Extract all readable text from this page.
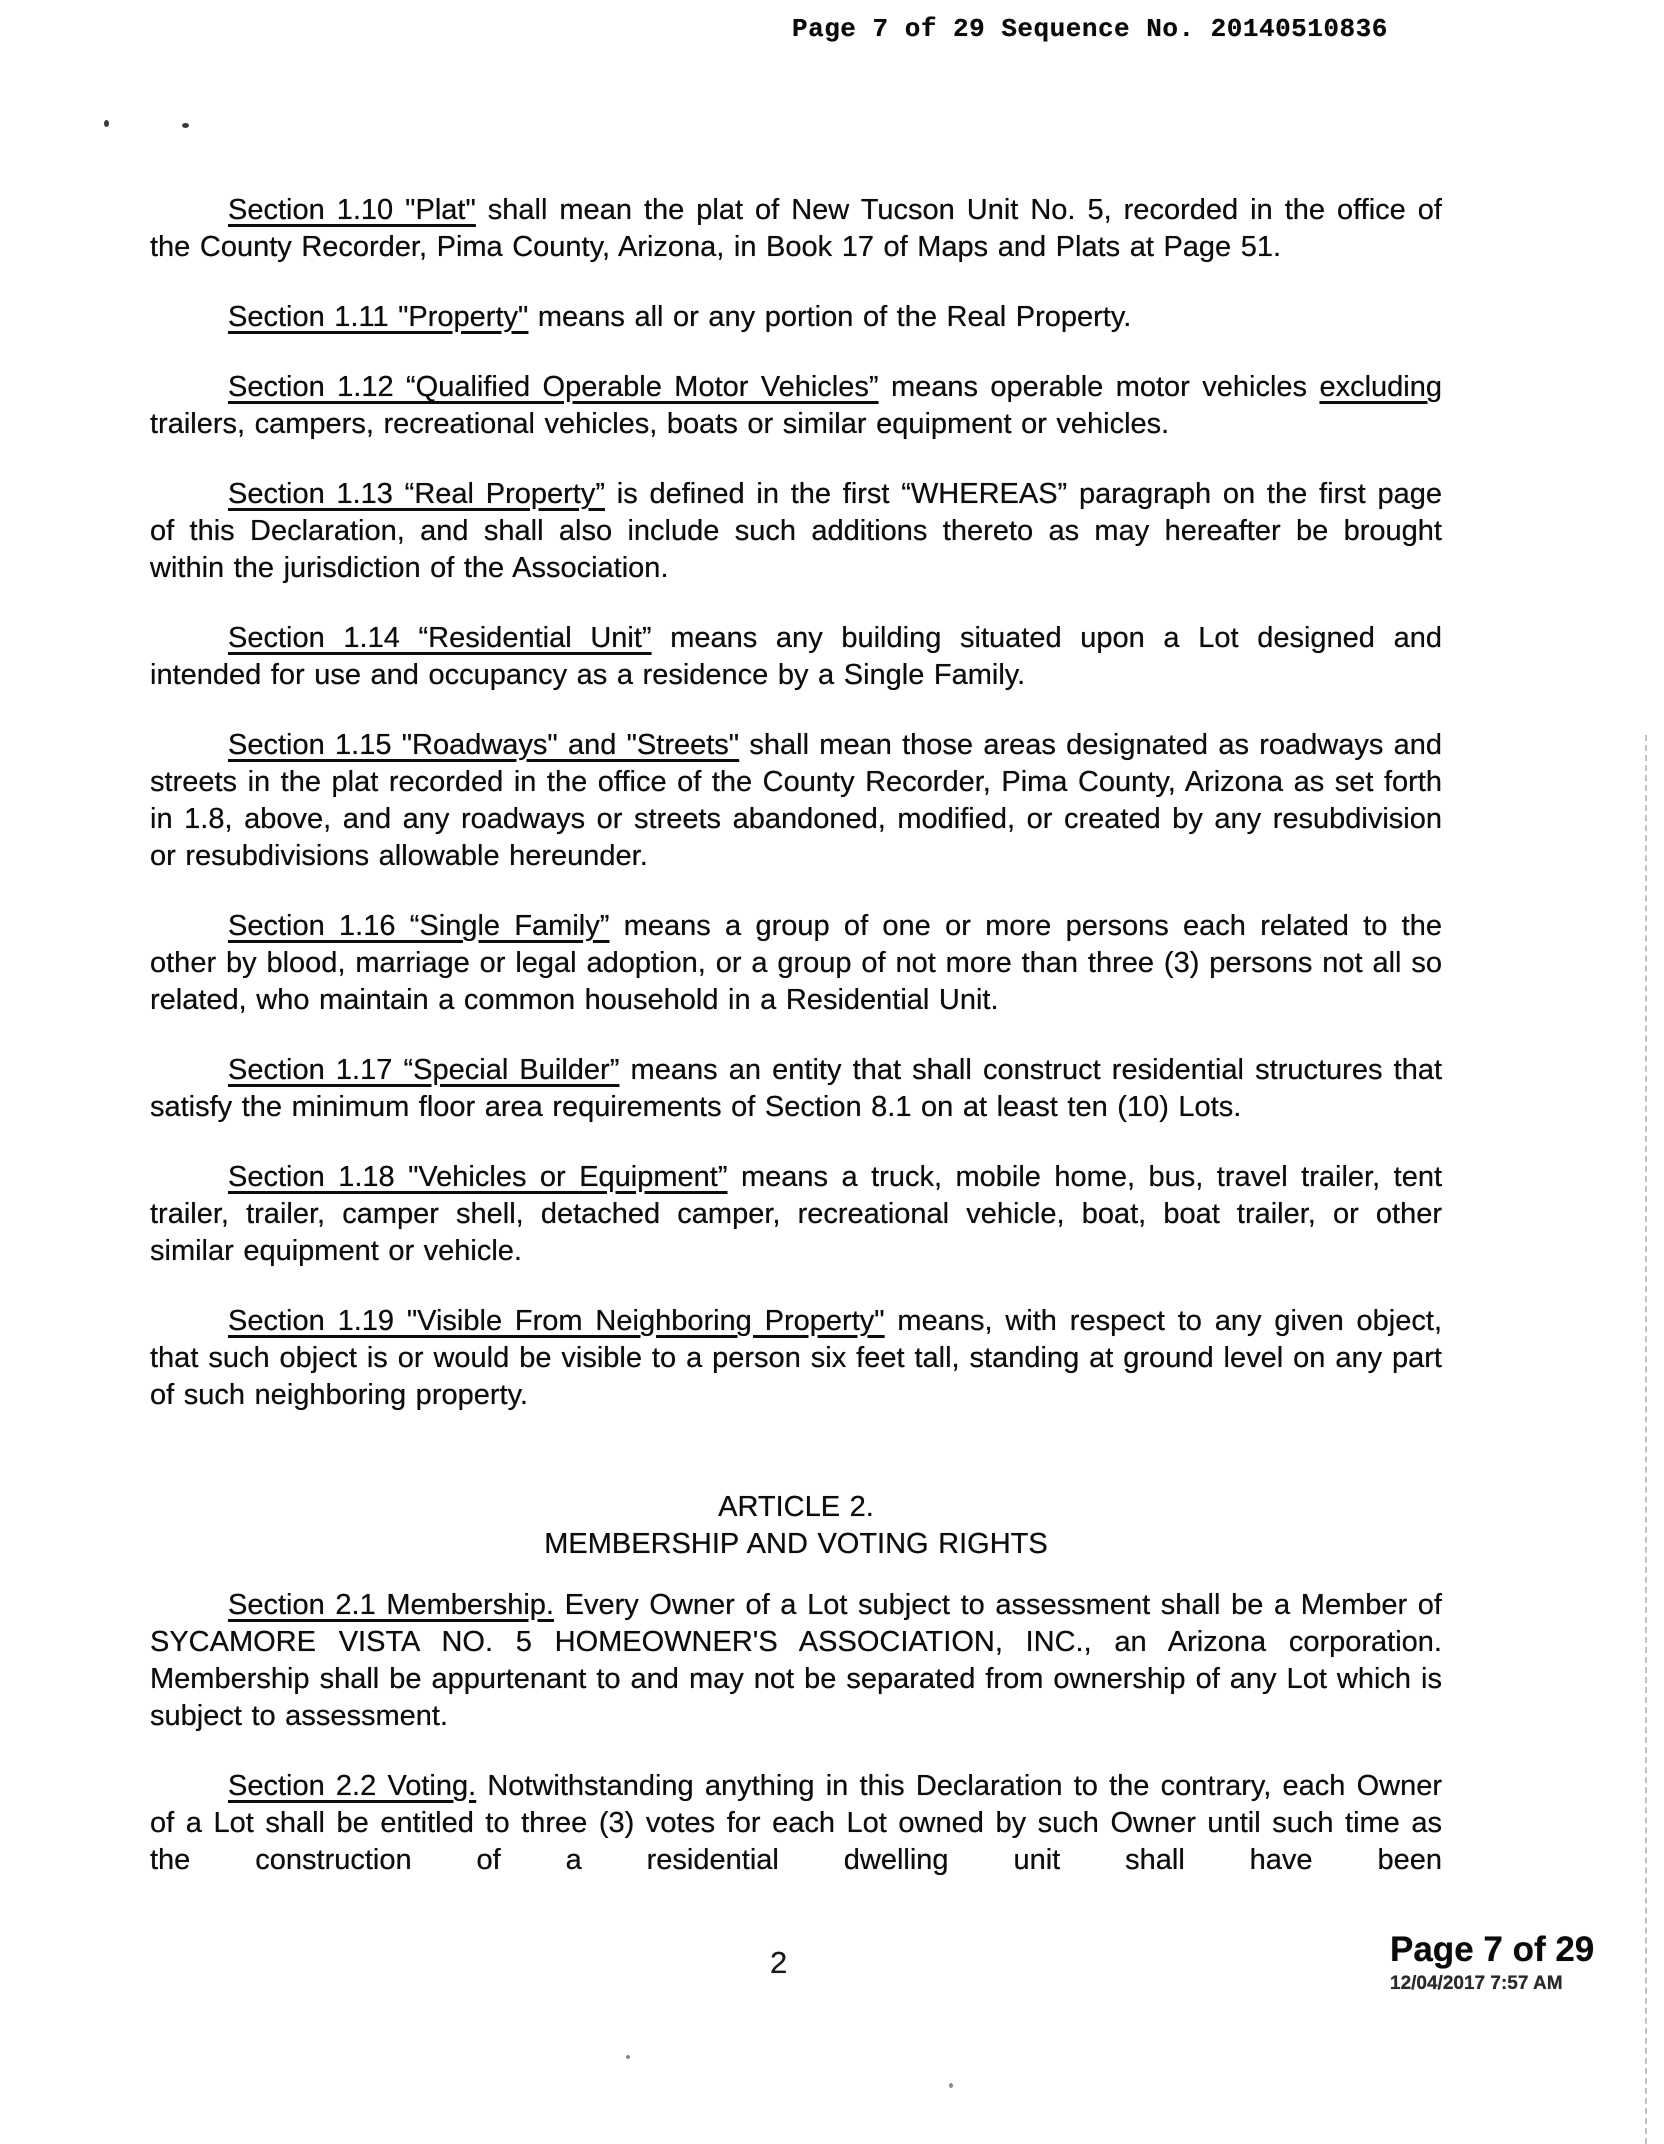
Page 7 of 29 Sequence No. 20140510836

Section 1.10 "Plat" shall mean the plat of New Tucson Unit No. 5, recorded in the office of the County Recorder, Pima County, Arizona, in Book 17 of Maps and Plats at Page 51.

Section 1.11 "Property" means all or any portion of the Real Property.

Section 1.12 “Qualified Operable Motor Vehicles” means operable motor vehicles excluding trailers, campers, recreational vehicles, boats or similar equipment or vehicles.

Section 1.13 “Real Property” is defined in the first “WHEREAS” paragraph on the first page of this Declaration, and shall also include such additions thereto as may hereafter be brought within the jurisdiction of the Association.

Section 1.14 “Residential Unit” means any building situated upon a Lot designed and intended for use and occupancy as a residence by a Single Family.

Section 1.15 "Roadways" and "Streets" shall mean those areas designated as roadways and streets in the plat recorded in the office of the County Recorder, Pima County, Arizona as set forth in 1.8, above, and any roadways or streets abandoned, modified, or created by any resubdivision or resubdivisions allowable hereunder.

Section 1.16 “Single Family” means a group of one or more persons each related to the other by blood, marriage or legal adoption, or a group of not more than three (3) persons not all so related, who maintain a common household in a Residential Unit.

Section 1.17 “Special Builder” means an entity that shall construct residential structures that satisfy the minimum floor area requirements of Section 8.1 on at least ten (10) Lots.

Section 1.18 "Vehicles or Equipment” means a truck, mobile home, bus, travel trailer, tent trailer, trailer, camper shell, detached camper, recreational vehicle, boat, boat trailer, or other similar equipment or vehicle.

Section 1.19 "Visible From Neighboring Property" means, with respect to any given object, that such object is or would be visible to a person six feet tall, standing at ground level on any part of such neighboring property.

ARTICLE 2.
MEMBERSHIP AND VOTING RIGHTS

Section 2.1 Membership. Every Owner of a Lot subject to assessment shall be a Member of SYCAMORE VISTA NO. 5 HOMEOWNER'S ASSOCIATION, INC., an Arizona corporation. Membership shall be appurtenant to and may not be separated from ownership of any Lot which is subject to assessment.

Section 2.2 Voting. Notwithstanding anything in this Declaration to the contrary, each Owner of a Lot shall be entitled to three (3) votes for each Lot owned by such Owner until such time as the construction of a residential dwelling unit shall have been

2	Page 7 of 29
12/04/2017 7:57 AM
